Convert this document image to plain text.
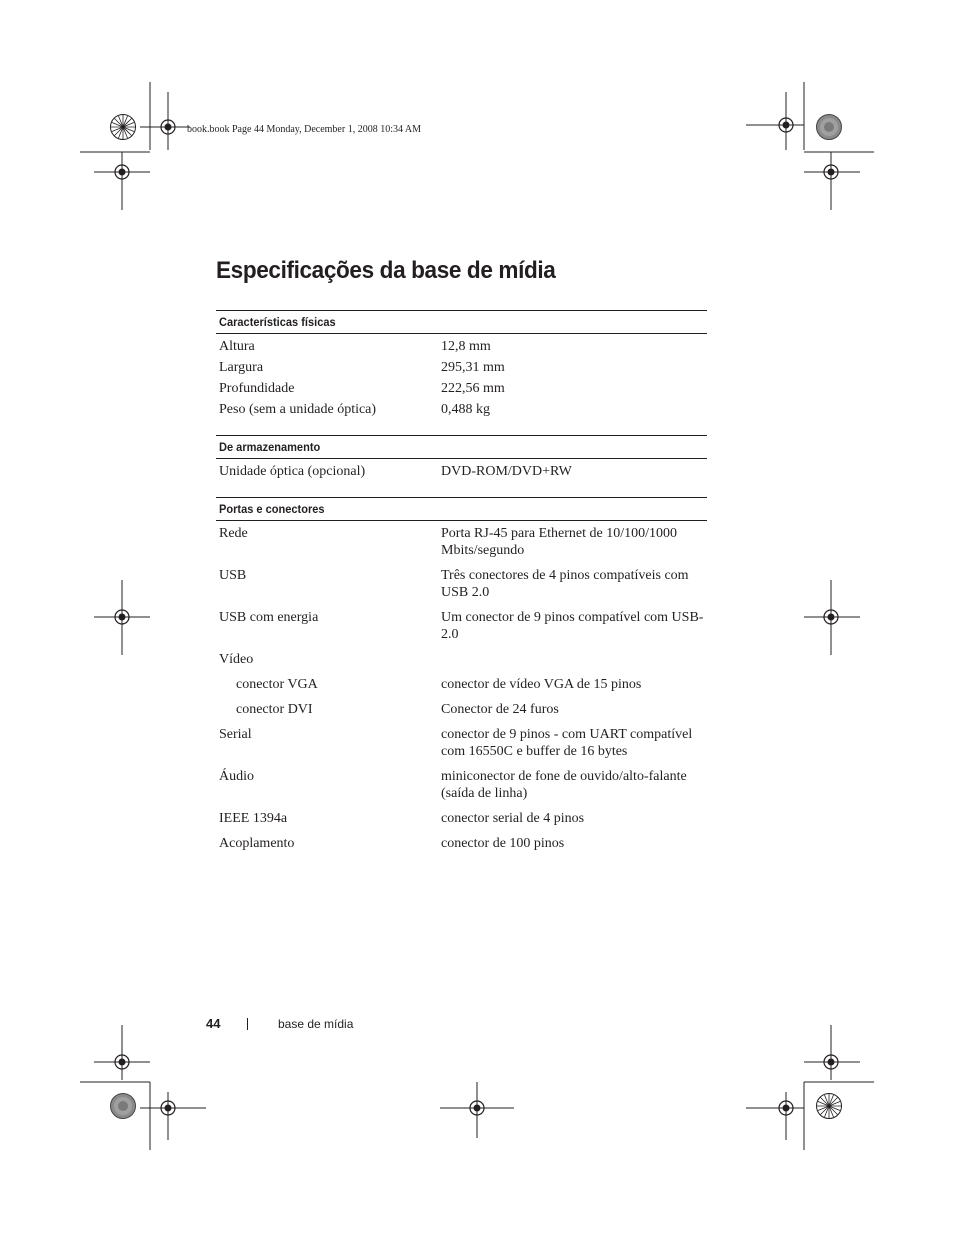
book.book Page 44 Monday, December 1, 2008 10:34 AM
Especificações da base de mídia
Características físicas
Altura	12,8 mm
Largura	295,31 mm
Profundidade	222,56 mm
Peso (sem a unidade óptica)	0,488 kg
De armazenamento
Unidade óptica (opcional)	DVD-ROM/DVD+RW
Portas e conectores
Rede	Porta RJ-45 para Ethernet de 10/100/1000 Mbits/segundo
USB	Três conectores de 4 pinos compatíveis com USB 2.0
USB com energia	Um conector de 9 pinos compatível com USB-2.0
Vídeo
conector VGA	conector de vídeo VGA de 15 pinos
conector DVI	Conector de 24 furos
Serial	conector de 9 pinos - com UART compatível com 16550C e buffer de 16 bytes
Áudio	miniconector de fone de ouvido/alto-falante (saída de linha)
IEEE 1394a	conector serial de 4 pinos
Acoplamento	conector de 100 pinos
44	base de mídia
